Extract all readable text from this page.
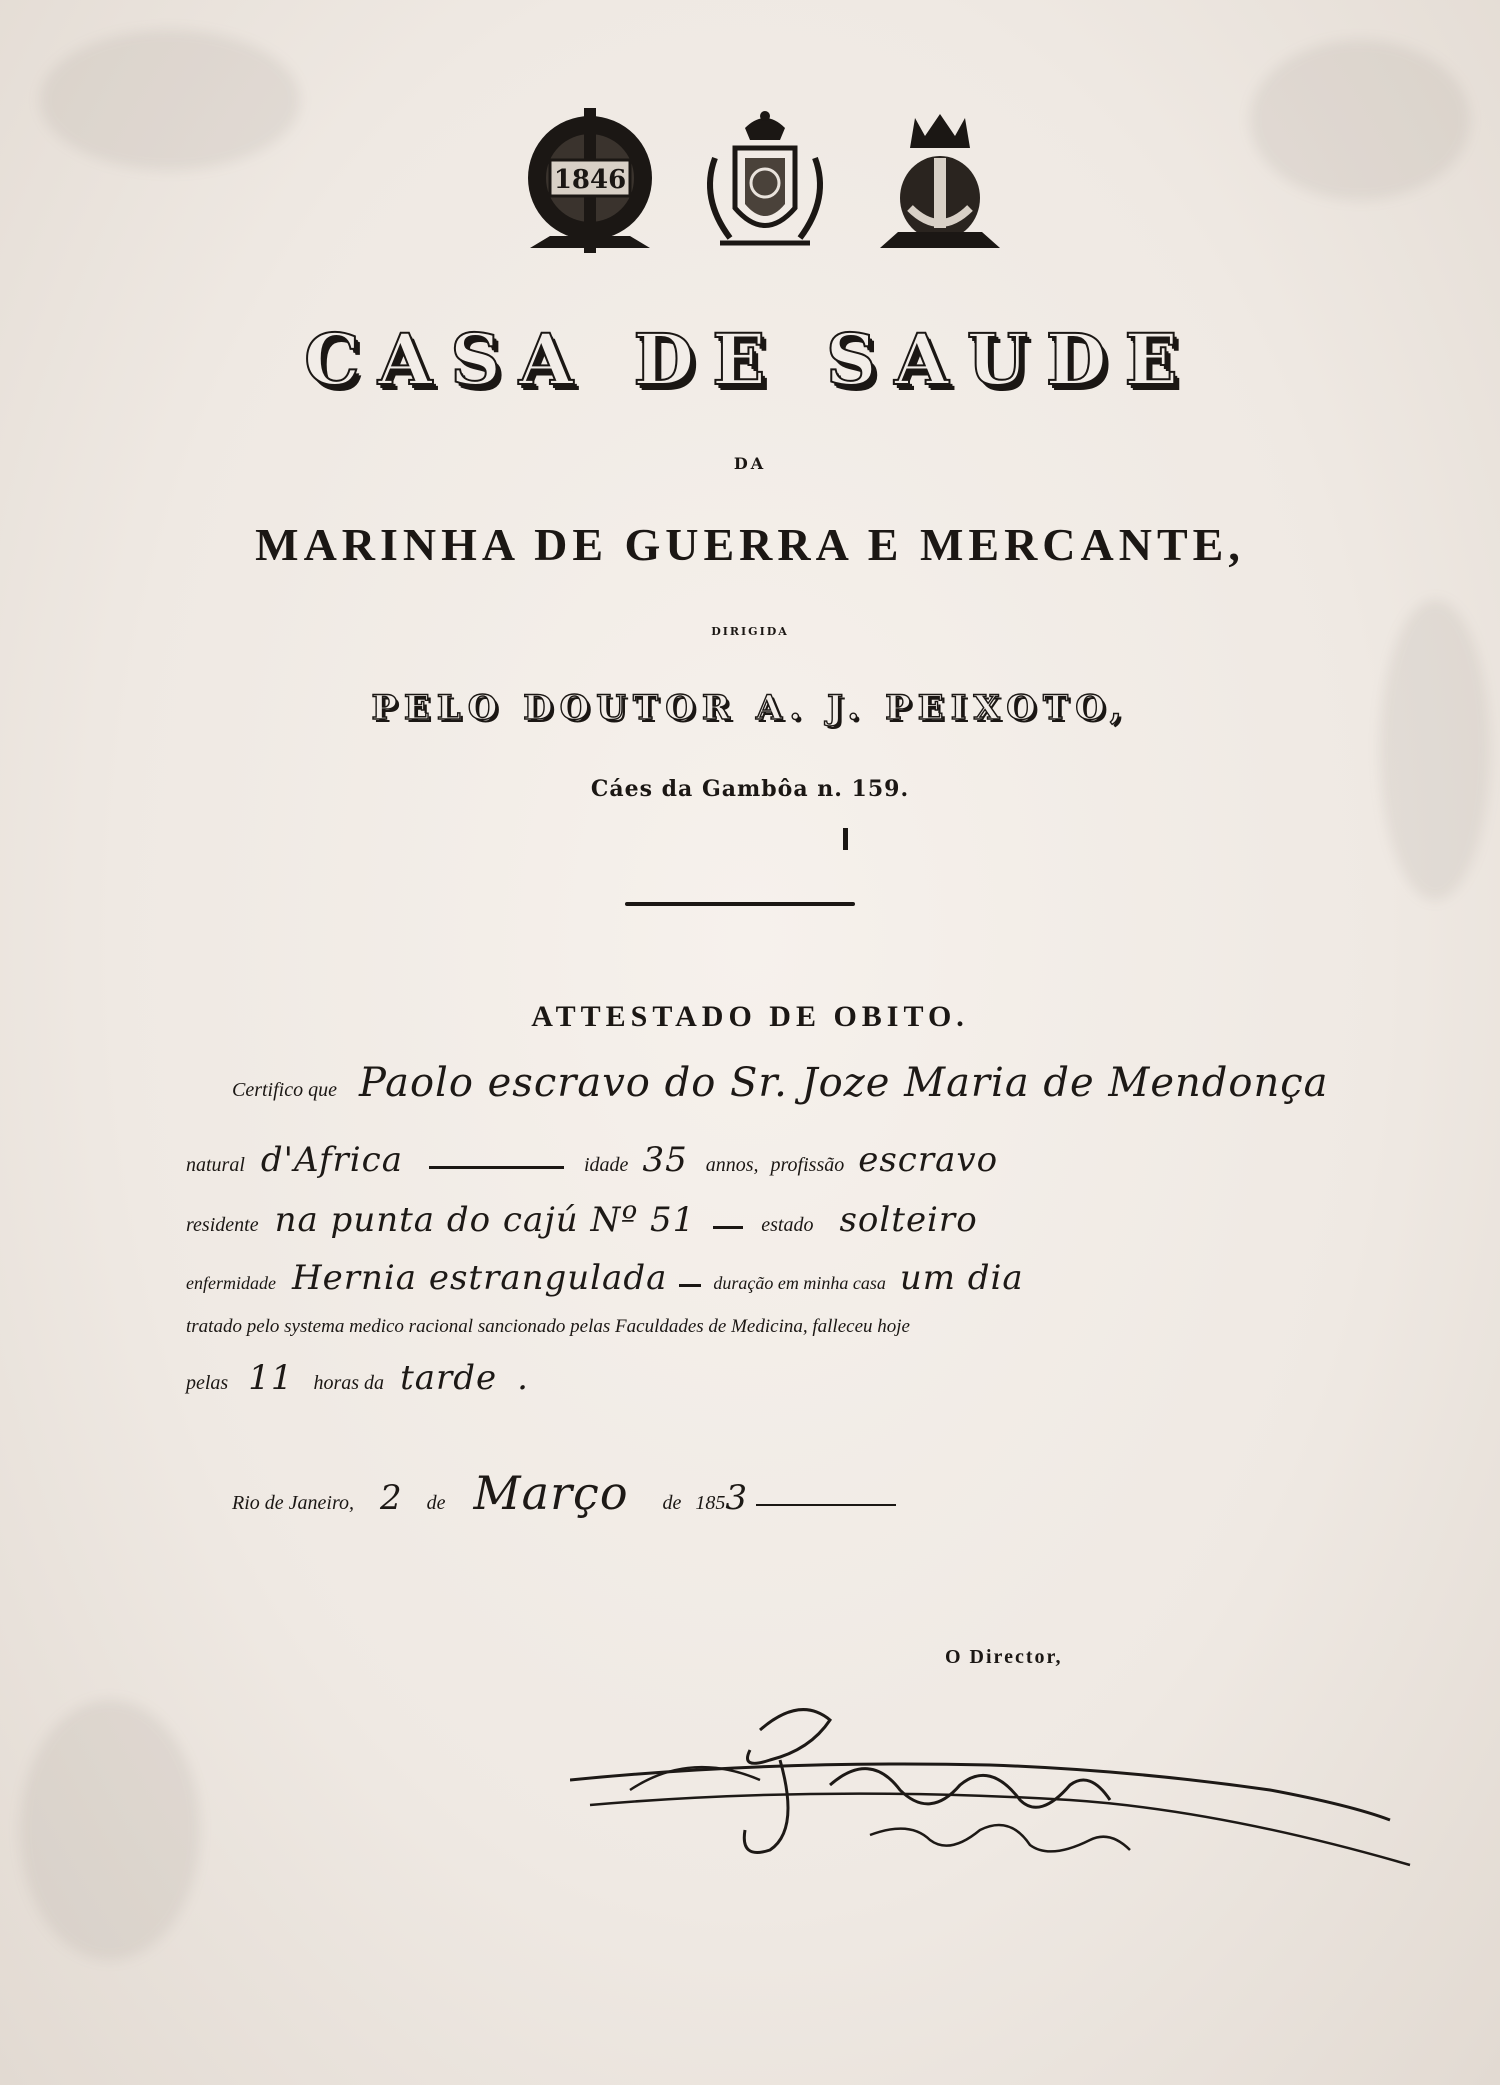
1846
CASA DE SAUDE
DA
MARINHA DE GUERRA E MERCANTE,
DIRIGIDA
PELO DOUTOR A. J. PEIXOTO,
Cáes da Gambôa n. 159.
ATTESTADO DE OBITO.
Certifico que Paolo escravo do Sr. Joze Maria de Mendonça
natural d'Africa	idade 35 annos, profissão escravo
residente na punta do cajú Nº 51	estado solteiro
enfermidade Hernia estrangulada	duração em minha casa um dia
tratado pelo systema medico racional sancionado pelas Faculdades de Medicina, falleceu hoje
pelas 11 horas da tarde .
Rio de Janeiro, 2 de Março de 1853
O Director,
